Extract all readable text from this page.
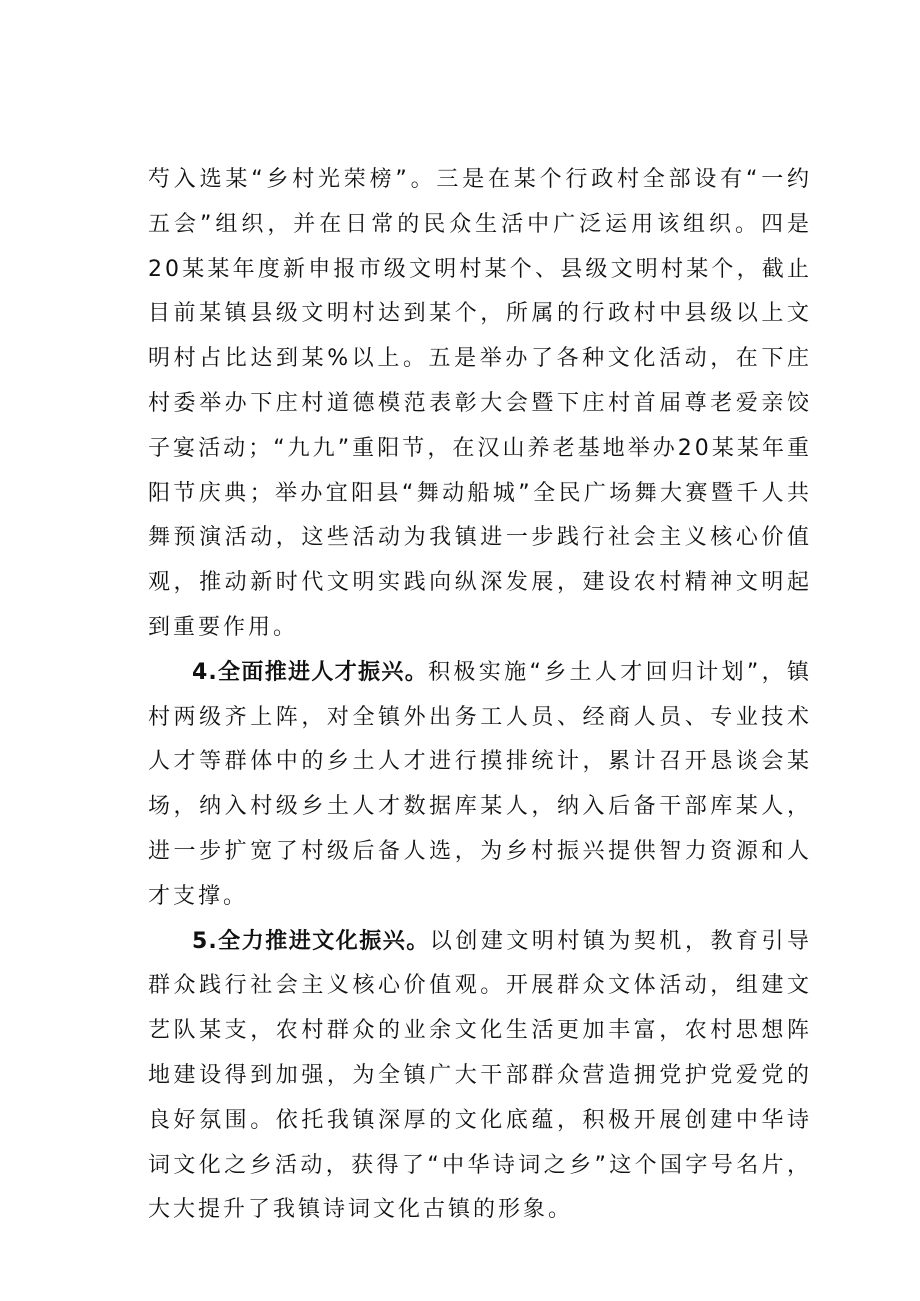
芍入选某“乡村光荣榜”。三是在某个行政村全部设有“一约五会”组织，并在日常的民众生活中广泛运用该组织。四是20某某年度新申报市级文明村某个、县级文明村某个，截止目前某镇县级文明村达到某个，所属的行政村中县级以上文明村占比达到某%以上。五是举办了各种文化活动，在下庄村委举办下庄村道德模范表彰大会暨下庄村首届尊老爱亲饺子宴活动；“九九”重阳节，在汉山养老基地举办20某某年重阳节庆典；举办宜阳县“舞动船城”全民广场舞大赛暨千人共舞预演活动，这些活动为我镇进一步践行社会主义核心价值观，推动新时代文明实践向纵深发展，建设农村精神文明起到重要作用。

4.全面推进人才振兴。积极实施“乡土人才回归计划”，镇村两级齐上阵，对全镇外出务工人员、经商人员、专业技术人才等群体中的乡土人才进行摸排统计，累计召开恳谈会某场，纳入村级乡土人才数据库某人，纳入后备干部库某人，进一步扩宽了村级后备人选，为乡村振兴提供智力资源和人才支撑。

5.全力推进文化振兴。以创建文明村镇为契机，教育引导群众践行社会主义核心价值观。开展群众文体活动，组建文艺队某支，农村群众的业余文化生活更加丰富，农村思想阵地建设得到加强，为全镇广大干部群众营造拥党护党爱党的良好氛围。依托我镇深厚的文化底蕴，积极开展创建中华诗词文化之乡活动，获得了“中华诗词之乡”这个国字号名片，大大提升了我镇诗词文化古镇的形象。
